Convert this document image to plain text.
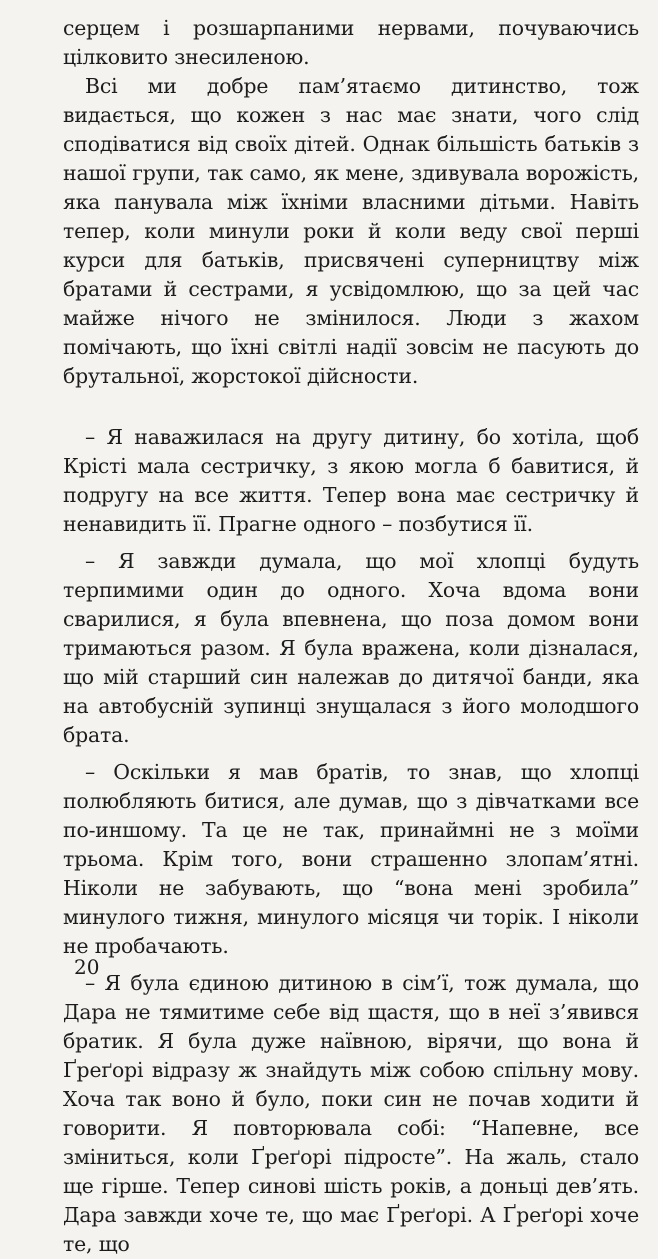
серцем і розшарпаними нервами, почуваючись цілковито знесиленою.

Всі ми добре пам’ятаємо дитинство, тож видається, що кожен з нас має знати, чого слід сподіватися від своїх дітей. Однак більшість батьків з нашої групи, так само, як мене, здивувала ворожість, яка панувала між їхніми власними дітьми. Навіть тепер, коли минули роки й коли веду свої перші курси для батьків, присвячені суперництву між братами й сестрами, я усвідомлюю, що за цей час майже нічого не змінилося. Люди з жахом помічають, що їхні світлі надії зовсім не пасують до брутальної, жорстокої дійсности.

– Я наважилася на другу дитину, бо хотіла, щоб Крісті мала сестричку, з якою могла б бавитися, й подругу на все життя. Тепер вона має сестричку й ненавидить її. Прагне одного – позбутися її.

– Я завжди думала, що мої хлопці будуть терпимими один до одного. Хоча вдома вони сварилися, я була впевнена, що поза домом вони тримаються разом. Я була вражена, коли дізналася, що мій старший син належав до дитячої банди, яка на автобусній зупинці знущалася з його молодшого брата.

– Оскільки я мав братів, то знав, що хлопці полюбляють битися, але думав, що з дівчатками все по-иншому. Та це не так, принаймні не з моїми трьома. Крім того, вони страшенно злопам’ятні. Ніколи не забувають, що “вона мені зробила” минулого тижня, минулого місяця чи торік. І ніколи не пробачають.

– Я була єдиною дитиною в сім’ї, тож думала, що Дара не тямитиме себе від щастя, що в неї з’явився братик. Я була дуже наївною, вірячи, що вона й Ґреґорі відразу ж знайдуть між собою спільну мову. Хоча так воно й було, поки син не почав ходити й говорити. Я повторювала собі: “Напевне, все зміниться, коли Ґреґорі підросте”. На жаль, стало ще гірше. Тепер синові шість років, а доньці дев’ять. Дара завжди хоче те, що має Ґреґорі. А Ґреґорі хоче те, що

20
